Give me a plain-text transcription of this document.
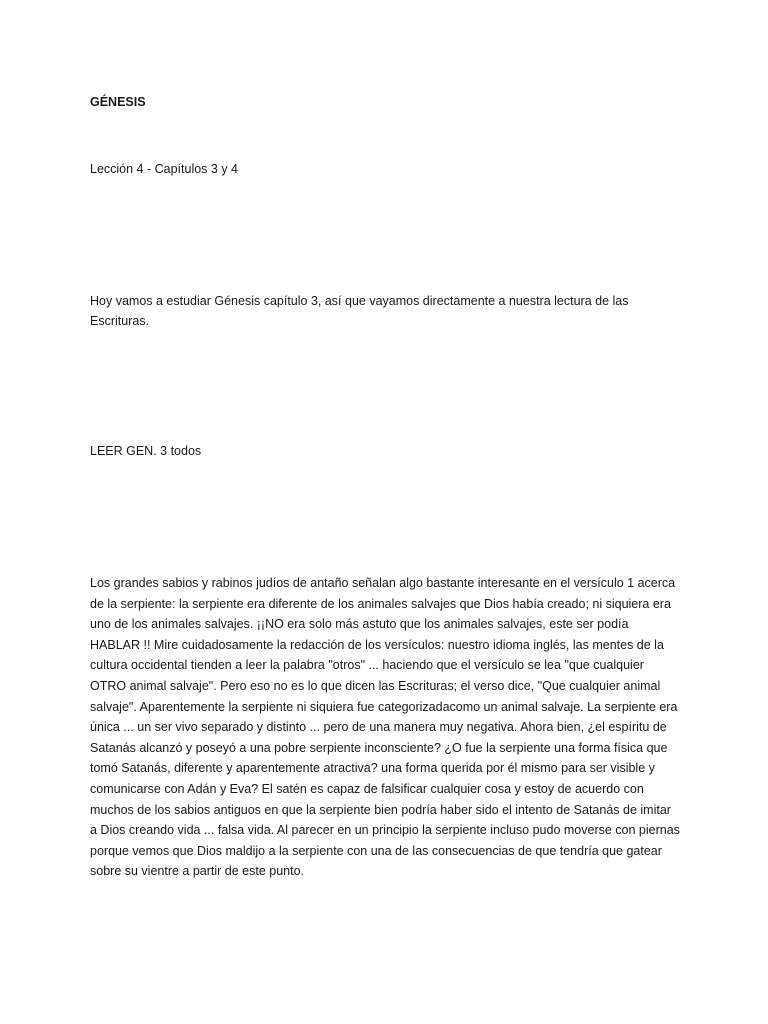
GÉNESIS

Lección 4 - Capítulos 3 y 4

Hoy vamos a estudiar Génesis capítulo 3, así que vayamos directamente a nuestra lectura de las Escrituras.

LEER GEN. 3 todos

Los grandes sabios y rabinos judíos de antaño señalan algo bastante interesante en el versículo 1 acerca de la serpiente: la serpiente era diferente de los animales salvajes que Dios había creado; ni siquiera era uno de los animales salvajes. ¡¡NO era solo más astuto que los animales salvajes, este ser podía HABLAR !! Mire cuidadosamente la redacción de los versículos: nuestro idioma inglés, las mentes de la cultura occidental tienden a leer la palabra "otros" ... haciendo que el versículo se lea "que cualquier OTRO animal salvaje". Pero eso no es lo que dicen las Escrituras; el verso dice, "Que cualquier animal salvaje". Aparentemente la serpiente ni siquiera fue categorizadacomo un animal salvaje. La serpiente era única ... un ser vivo separado y distinto ... pero de una manera muy negativa. Ahora bien, ¿el espíritu de Satanás alcanzó y poseyó a una pobre serpiente inconsciente? ¿O fue la serpiente una forma física que tomó Satanás, diferente y aparentemente atractiva? una forma querida por él mismo para ser visible y comunicarse con Adán y Eva? El satén es capaz de falsificar cualquier cosa y estoy de acuerdo con muchos de los sabios antiguos en que la serpiente bien podría haber sido el intento de Satanás de imitar a Dios creando vida ... falsa vida. Al parecer en un principio la serpiente incluso pudo moverse con piernas porque vemos que Dios maldijo a la serpiente con una de las consecuencias de que tendría que gatear sobre su vientre a partir de este punto.
